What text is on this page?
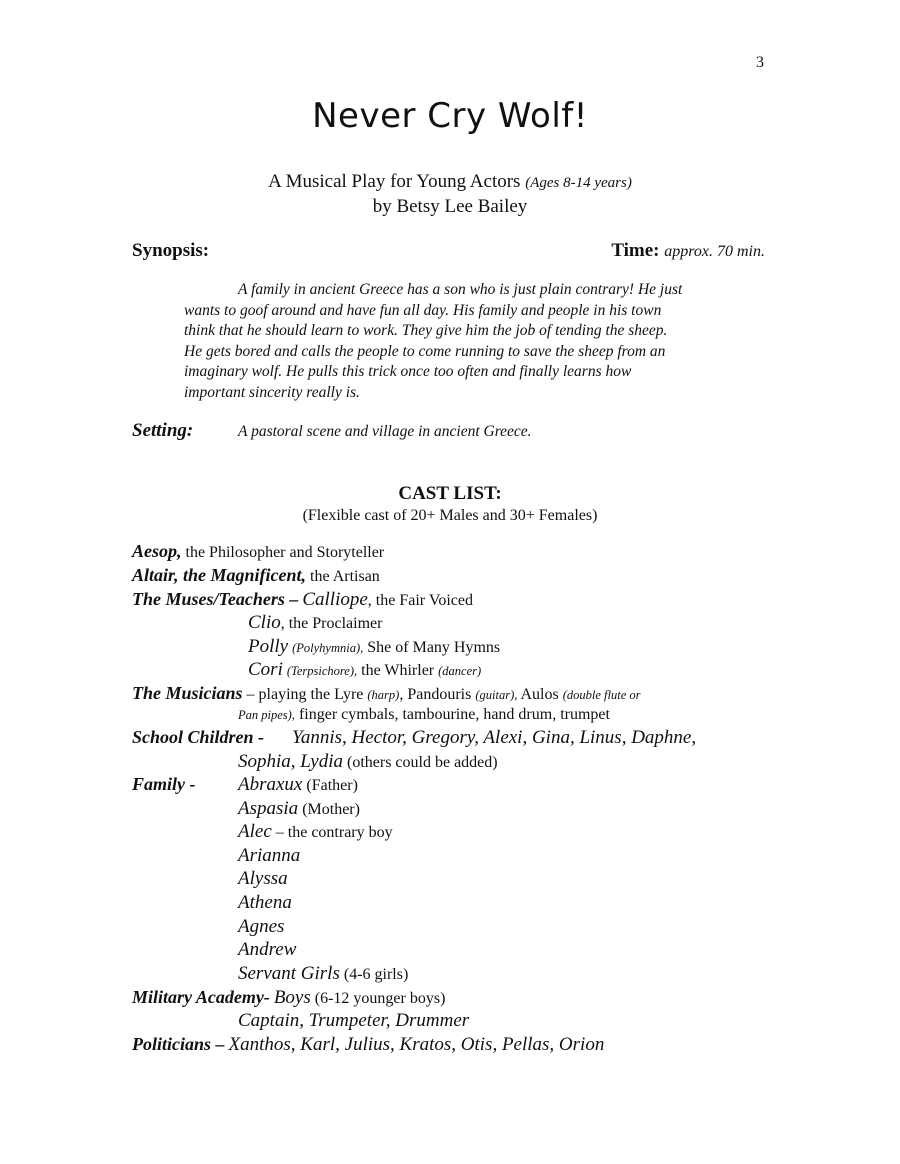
3
Never Cry Wolf!
A Musical Play for Young Actors (Ages 8-14 years)
by Betsy Lee Bailey
Synopsis:	Time: approx. 70 min.
A family in ancient Greece has a son who is just plain contrary! He just
wants to goof around and have fun all day. His family and people in his town
think that he should learn to work. They give him the job of tending the sheep.
He gets bored and calls the people to come running to save the sheep from an
imaginary wolf. He pulls this trick once too often and finally learns how
important sincerity really is.
Setting:	A pastoral scene and village in ancient Greece.
CAST LIST:
(Flexible cast of 20+ Males and 30+ Females)
Aesop, the Philosopher and Storyteller
Altair, the Magnificent, the Artisan
The Muses/Teachers – Calliope, the Fair Voiced
Clio, the Proclaimer
Polly (Polyhymnia), She of Many Hymns
Cori (Terpsichore), the Whirler (dancer)
The Musicians – playing the Lyre (harp), Pandouris (guitar), Aulos (double flute or
Pan pipes), finger cymbals, tambourine, hand drum, trumpet
School Children - Yannis, Hector, Gregory, Alexi, Gina, Linus, Daphne,
Sophia, Lydia (others could be added)
Family - Abraxux (Father)
Aspasia (Mother)
Alec – the contrary boy
Arianna
Alyssa
Athena
Agnes
Andrew
Servant Girls (4-6 girls)
Military Academy- Boys (6-12 younger boys)
Captain, Trumpeter, Drummer
Politicians – Xanthos, Karl, Julius, Kratos, Otis, Pellas, Orion
